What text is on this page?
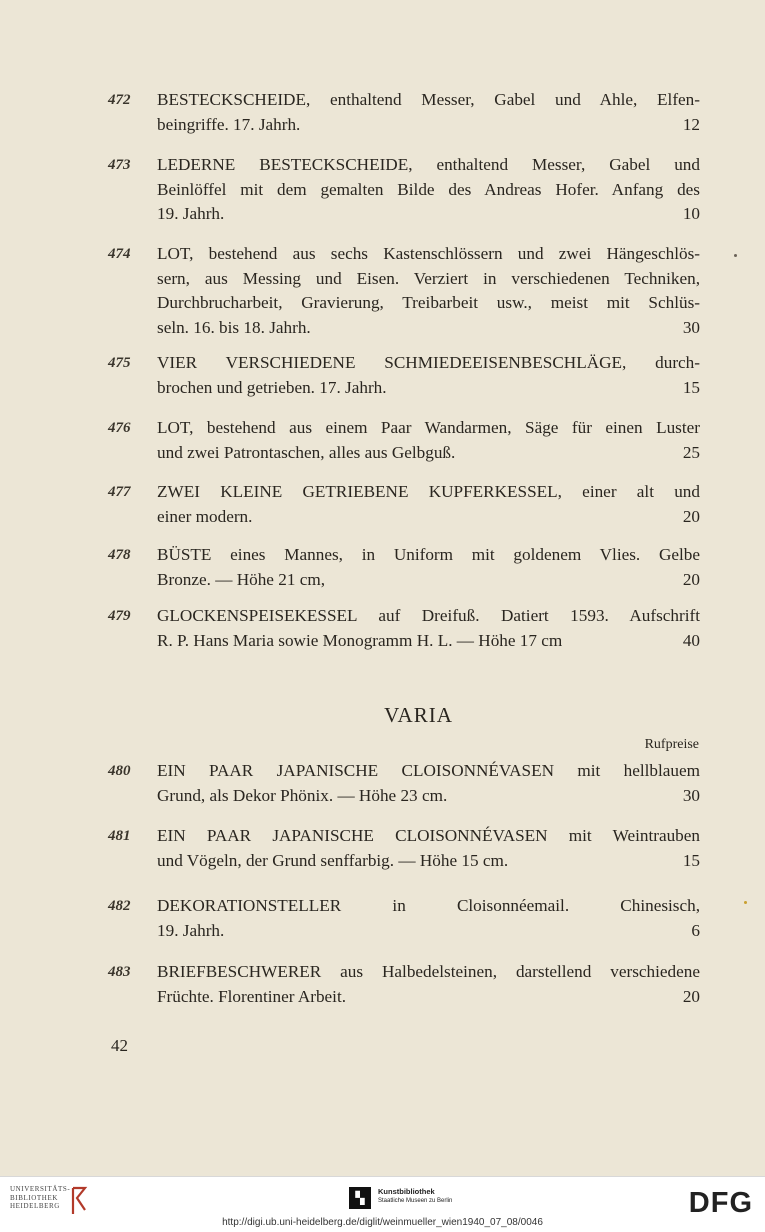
472	BESTECKSCHEIDE, enthaltend Messer, Gabel und Ahle, Elfen-
beingriffe. 17. Jahrh.	12
473	LEDERNE BESTECKSCHEIDE, enthaltend Messer, Gabel und
Beinlöffel mit dem gemalten Bilde des Andreas Hofer. Anfang des
19. Jahrh.	10
474	LOT, bestehend aus sechs Kastenschlössern und zwei Hängeschlös-
sern, aus Messing und Eisen. Verziert in verschiedenen Techniken,
Durchbrucharbeit, Gravierung, Treibarbeit usw., meist mit Schlüs-
seln. 16. bis 18. Jahrh.	30
475	VIER VERSCHIEDENE SCHMIEDEEISENBESCHLÄGE, durch-
brochen und getrieben. 17. Jahrh.	15
476	LOT, bestehend aus einem Paar Wandarmen, Säge für einen Luster
und zwei Patrontaschen, alles aus Gelbguß.	25
477	ZWEI KLEINE GETRIEBENE KUPFERKESSEL, einer alt und
einer modern.	20
478	BÜSTE eines Mannes, in Uniform mit goldenem Vlies. Gelbe
Bronze. — Höhe 21 cm,	20
479	GLOCKENSPEISEKESSEL auf Dreifuß. Datiert 1593. Aufschrift
R. P. Hans Maria sowie Monogramm H. L. — Höhe 17 cm	40
VARIA
Rufpreise
480	EIN PAAR JAPANISCHE CLOISONNÉVASEN mit hellblauem
Grund, als Dekor Phönix. — Höhe 23 cm.	30
481	EIN PAAR JAPANISCHE CLOISONNÉVASEN mit Weintrauben
und Vögeln, der Grund senffarbig. — Höhe 15 cm.	15
482	DEKORATIONSTELLER in Cloisonnéemail. Chinesisch,
19. Jahrh.	6
483	BRIEFBESCHWERER aus Halbedelsteinen, darstellend verschiedene
Früchte. Florentiner Arbeit.	20
42
UNIVERSITÄTS-
BIBLIOTHEK
HEIDELBERG
▚	Kunstbibliothek
Staatliche Museen zu Berlin	DFG
http://digi.ub.uni-heidelberg.de/diglit/weinmueller_wien1940_07_08/0046
